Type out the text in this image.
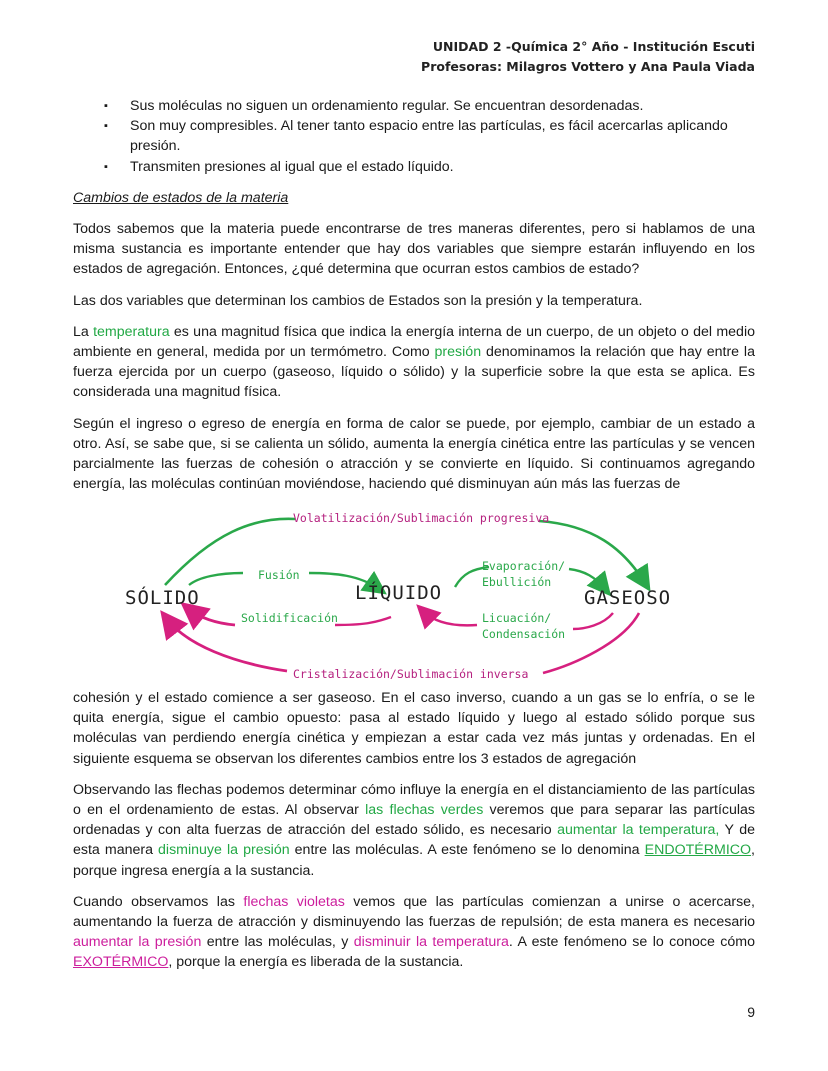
UNIDAD 2 -Química 2° Año - Institución Escuti
Profesoras: Milagros Vottero y Ana Paula Viada
▪ Sus moléculas no siguen un ordenamiento regular. Se encuentran desordenadas.
▪ Son muy compresibles. Al tener tanto espacio entre las partículas, es fácil acercarlas aplicando presión.
▪ Transmiten presiones al igual que el estado líquido.

Cambios de estados de la materia

Todos sabemos que la materia puede encontrarse de tres maneras diferentes, pero si hablamos de una misma sustancia es importante entender que hay dos variables que siempre estarán influyendo en los estados de agregación. Entonces, ¿qué determina que ocurran estos cambios de estado?

Las dos variables que determinan los cambios de Estados son la presión y la temperatura.

La temperatura es una magnitud física que indica la energía interna de un cuerpo, de un objeto o del medio ambiente en general, medida por un termómetro. Como presión denominamos la relación que hay entre la fuerza ejercida por un cuerpo (gaseoso, líquido o sólido) y la superficie sobre la que esta se aplica. Es considerada una magnitud física.

Según el ingreso o egreso de energía en forma de calor se puede, por ejemplo, cambiar de un estado a otro. Así, se sabe que, si se calienta un sólido, aumenta la energía cinética entre las partículas y se vencen parcialmente las fuerzas de cohesión o atracción y se convierte en líquido. Si continuamos agregando energía, las moléculas continúan moviéndose, haciendo qué disminuyan aún más las fuerzas de

SÓLIDO	LÍQUIDO	GASEOSO
Volatilización/Sublimación progresiva
Fusión
Evaporación/
Ebullición
Solidificación	Licuación/
Condensación
Cristalización/Sublimación inversa

cohesión y el estado comience a ser gaseoso. En el caso inverso, cuando a un gas se lo enfría, o se le quita energía, sigue el cambio opuesto: pasa al estado líquido y luego al estado sólido porque sus moléculas van perdiendo energía cinética y empiezan a estar cada vez más juntas y ordenadas. En el siguiente esquema se observan los diferentes cambios entre los 3 estados de agregación

Observando las flechas podemos determinar cómo influye la energía en el distanciamiento de las partículas o en el ordenamiento de estas. Al observar las flechas verdes veremos que para separar las partículas ordenadas y con alta fuerzas de atracción del estado sólido, es necesario aumentar la temperatura, Y de esta manera disminuye la presión entre las moléculas. A este fenómeno se lo denomina ENDOTÉRMICO, porque ingresa energía a la sustancia.

Cuando observamos las flechas violetas vemos que las partículas comienzan a unirse o acercarse, aumentando la fuerza de atracción y disminuyendo las fuerzas de repulsión; de esta manera es necesario aumentar la presión entre las moléculas, y disminuir la temperatura. A este fenómeno se lo conoce cómo EXOTÉRMICO, porque la energía es liberada de la sustancia.

9
